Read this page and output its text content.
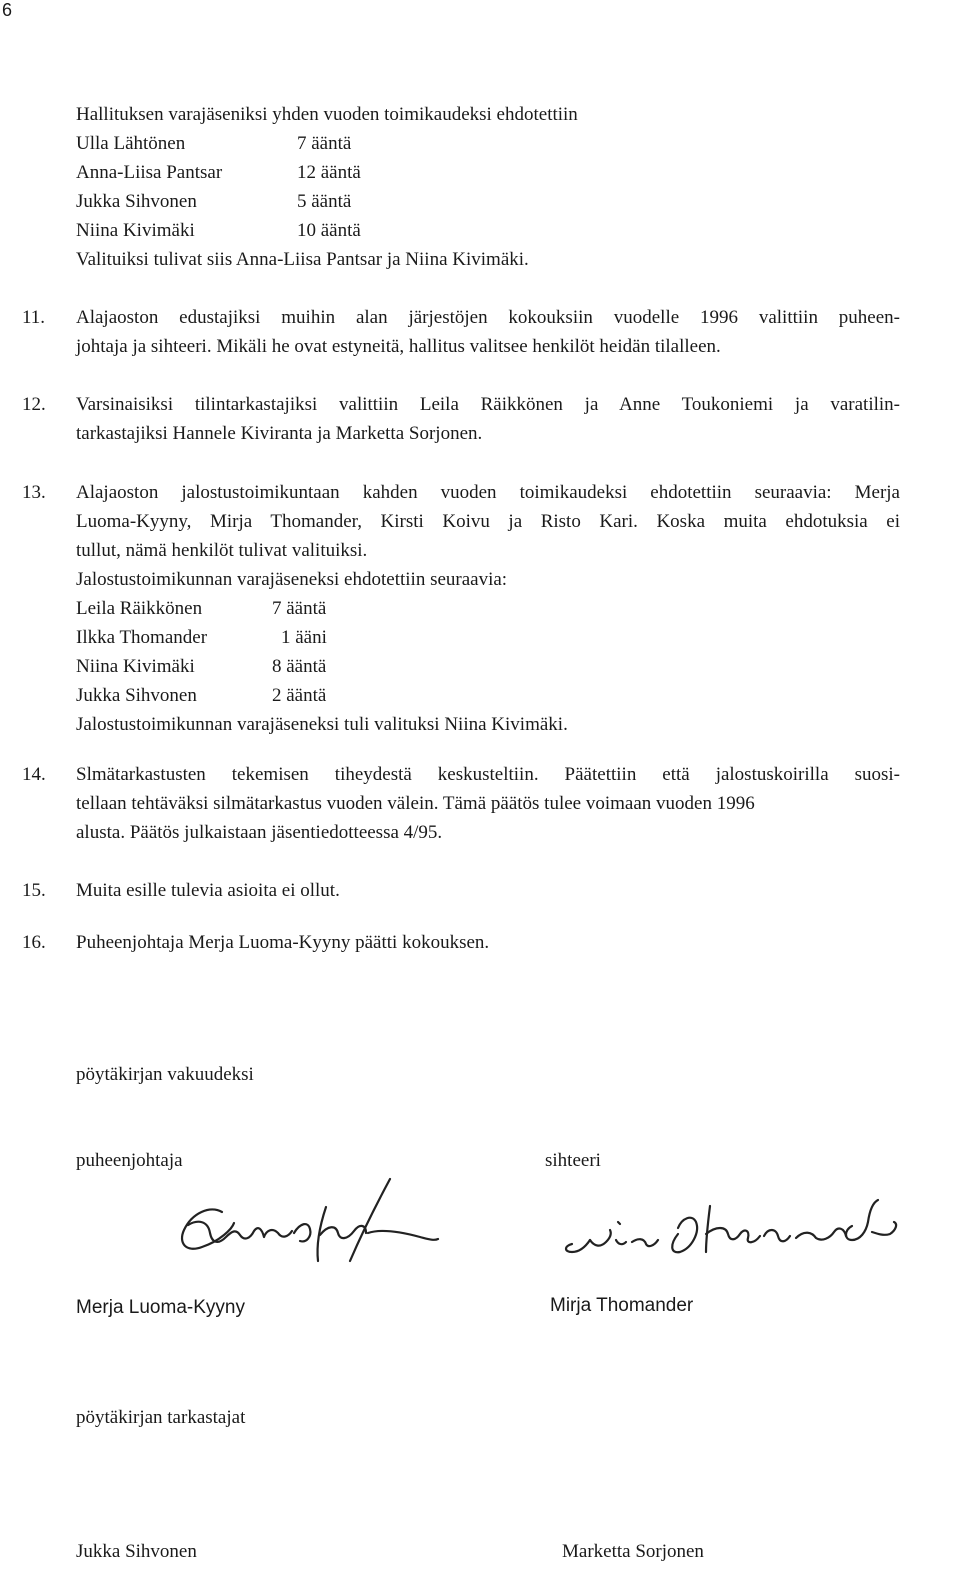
6
Hallituksen varajäseniksi yhden vuoden toimikaudeksi ehdotettiin
Ulla Lähtönen	7 ääntä
Anna-Liisa Pantsar	12 ääntä
Jukka Sihvonen	5 ääntä
Niina Kivimäki	10 ääntä
Valituiksi tulivat siis Anna-Liisa Pantsar ja Niina Kivimäki.
11. Alajaoston edustajiksi muihin alan järjestöjen kokouksiin vuodelle 1996 valittiin puheen-
johtaja ja sihteeri. Mikäli he ovat estyneitä, hallitus valitsee henkilöt heidän tilalleen.
12. Varsinaisiksi tilintarkastajiksi valittiin Leila Räikkönen ja Anne Toukoniemi ja varatilin-
tarkastajiksi Hannele Kiviranta ja Marketta Sorjonen.
13. Alajaoston jalostustoimikuntaan kahden vuoden toimikaudeksi ehdotettiin seuraavia: Merja
Luoma-Kyyny, Mirja Thomander, Kirsti Koivu ja Risto Kari. Koska muita ehdotuksia ei
tullut, nämä henkilöt tulivat valituiksi.
Jalostustoimikunnan varajäseneksi ehdotettiin seuraavia:
Leila Räikkönen	7 ääntä
Ilkka Thomander	1 ääni
Niina Kivimäki	8 ääntä
Jukka Sihvonen	2 ääntä
Jalostustoimikunnan varajäseneksi tuli valituksi Niina Kivimäki.
14. Slmätarkastusten tekemisen tiheydestä keskusteltiin. Päätettiin että jalostuskoirilla suosi-
tellaan tehtäväksi silmätarkastus vuoden välein. Tämä päätös tulee voimaan vuoden 1996
alusta. Päätös julkaistaan jäsentiedotteessa 4/95.
15. Muita esille tulevia asioita ei ollut.
16. Puheenjohtaja Merja Luoma-Kyyny päätti kokouksen.
pöytäkirjan vakuudeksi
puheenjohtaja	sihteeri
Merja Luoma-Kyyny	Mirja Thomander
pöytäkirjan tarkastajat
Jukka Sihvonen	Marketta Sorjonen
